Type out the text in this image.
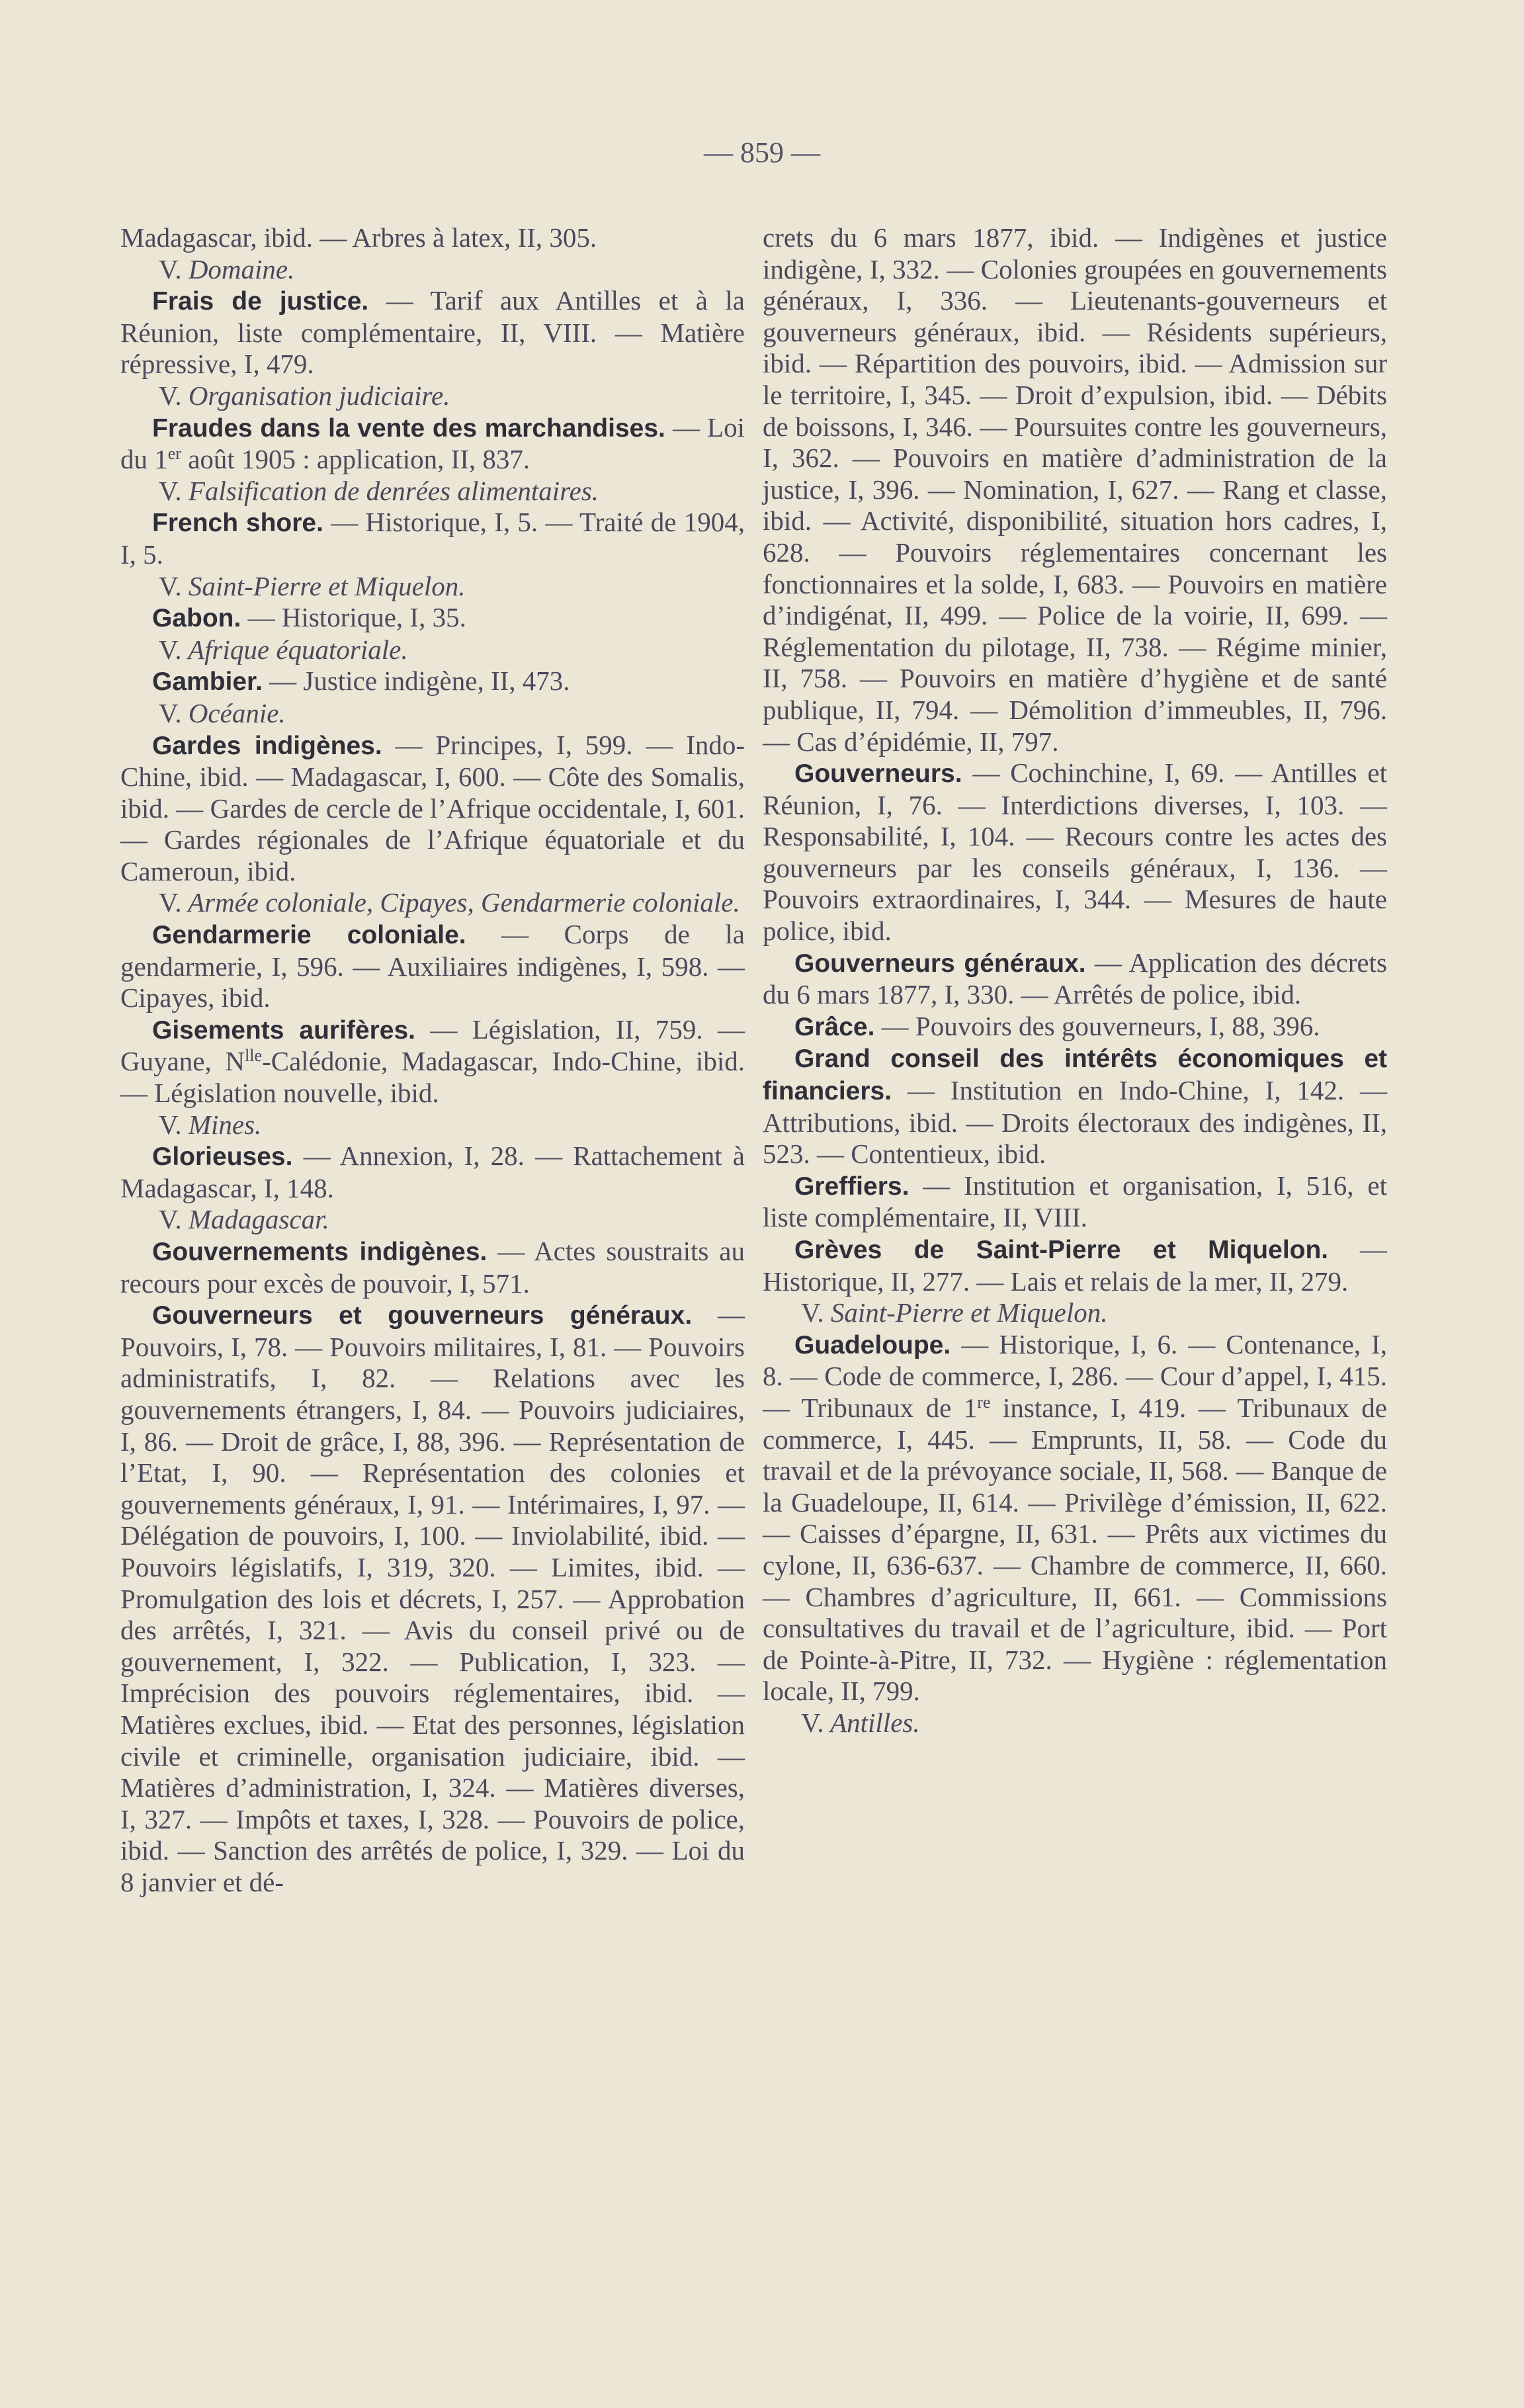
— 859 —

Madagascar, ibid. — Arbres à latex, II, 305.

V. Domaine.

Frais de justice. — Tarif aux Antilles et à la Réunion, liste complémentaire, II, VIII. — Matière répressive, I, 479.

V. Organisation judiciaire.

Fraudes dans la vente des marchandises. — Loi du 1er août 1905 : application, II, 837.

V. Falsification de denrées alimentaires.

French shore. — Historique, I, 5. — Traité de 1904, I, 5.

V. Saint-Pierre et Miquelon.

Gabon. — Historique, I, 35.

V. Afrique équatoriale.

Gambier. — Justice indigène, II, 473.

V. Océanie.

Gardes indigènes. — Principes, I, 599. — Indo-Chine, ibid. — Madagascar, I, 600. — Côte des Somalis, ibid. — Gardes de cercle de l’Afrique occidentale, I, 601. — Gardes régionales de l’Afrique équatoriale et du Cameroun, ibid.

V. Armée coloniale, Cipayes, Gendarmerie coloniale.

Gendarmerie coloniale. — Corps de la gendarmerie, I, 596. — Auxiliaires indigènes, I, 598. — Cipayes, ibid.

Gisements aurifères. — Législation, II, 759. — Guyane, $N^{lle}$-Calédonie, Madagascar, Indo-Chine, ibid. — Législation nouvelle, ibid.

V. Mines.

Glorieuses. — Annexion, I, 28. — Rattachement à Madagascar, I, 148.

V. Madagascar.

Gouvernements indigènes. — Actes soustraits au recours pour excès de pouvoir, I, 571.

Gouverneurs et gouverneurs généraux. — Pouvoirs, I, 78. — Pouvoirs militaires, I, 81. — Pouvoirs administratifs, I, 82. — Relations avec les gouvernements étrangers, I, 84. — Pouvoirs judiciaires, I, 86. — Droit de grâce, I, 88, 396. — Représentation de l’Etat, I, 90. — Représentation des colonies et gouvernements généraux, I, 91. — Intérimaires, I, 97. — Délégation de pouvoirs, I, 100. — Inviolabilité, ibid. — Pouvoirs législatifs, I, 319, 320. — Limites, ibid. — Promulgation des lois et décrets, I, 257. — Approbation des arrêtés, I, 321. — Avis du conseil privé ou de gouvernement, I, 322. — Publication, I, 323. — Imprécision des pouvoirs réglementaires, ibid. — Matières exclues, ibid. — Etat des personnes, législation civile et criminelle, organisation judiciaire, ibid. — Matières d’administration, I, 324. — Matières diverses, I, 327. — Impôts et taxes, I, 328. — Pouvoirs de police, ibid. — Sanction des arrêtés de police, I, 329. — Loi du 8 janvier et dé-

crets du 6 mars 1877, ibid. — Indigènes et justice indigène, I, 332. — Colonies groupées en gouvernements généraux, I, 336. — Lieutenants-gouverneurs et gouverneurs généraux, ibid. — Résidents supérieurs, ibid. — Répartition des pouvoirs, ibid. — Admission sur le territoire, I, 345. — Droit d’expulsion, ibid. — Débits de boissons, I, 346. — Poursuites contre les gouverneurs, I, 362. — Pouvoirs en matière d’administration de la justice, I, 396. — Nomination, I, 627. — Rang et classe, ibid. — Activité, disponibilité, situation hors cadres, I, 628. — Pouvoirs réglementaires concernant les fonctionnaires et la solde, I, 683. — Pouvoirs en matière d’indigénat, II, 499. — Police de la voirie, II, 699. — Réglementation du pilotage, II, 738. — Régime minier, II, 758. — Pouvoirs en matière d’hygiène et de santé publique, II, 794. — Démolition d’immeubles, II, 796. — Cas d’épidémie, II, 797.

Gouverneurs. — Cochinchine, I, 69. — Antilles et Réunion, I, 76. — Interdictions diverses, I, 103. — Responsabilité, I, 104. — Recours contre les actes des gouverneurs par les conseils généraux, I, 136. — Pouvoirs extraordinaires, I, 344. — Mesures de haute police, ibid.

Gouverneurs généraux. — Application des décrets du 6 mars 1877, I, 330. — Arrêtés de police, ibid.

Grâce. — Pouvoirs des gouverneurs, I, 88, 396.

Grand conseil des intérêts économiques et financiers. — Institution en Indo-Chine, I, 142. — Attributions, ibid. — Droits électoraux des indigènes, II, 523. — Contentieux, ibid.

Greffiers. — Institution et organisation, I, 516, et liste complémentaire, II, VIII.

Grèves de Saint-Pierre et Miquelon. — Historique, II, 277. — Lais et relais de la mer, II, 279.

V. Saint-Pierre et Miquelon.

Guadeloupe. — Historique, I, 6. — Contenance, I, 8. — Code de commerce, I, 286. — Cour d’appel, I, 415. — Tribunaux de 1re instance, I, 419. — Tribunaux de commerce, I, 445. — Emprunts, II, 58. — Code du travail et de la prévoyance sociale, II, 568. — Banque de la Guadeloupe, II, 614. — Privilège d’émission, II, 622. — Caisses d’épargne, II, 631. — Prêts aux victimes du cylone, II, 636-637. — Chambre de commerce, II, 660. — Chambres d’agriculture, II, 661. — Commissions consultatives du travail et de l’agriculture, ibid. — Port de Pointe-à-Pitre, II, 732. — Hygiène : réglementation locale, II, 799.

V. Antilles.
